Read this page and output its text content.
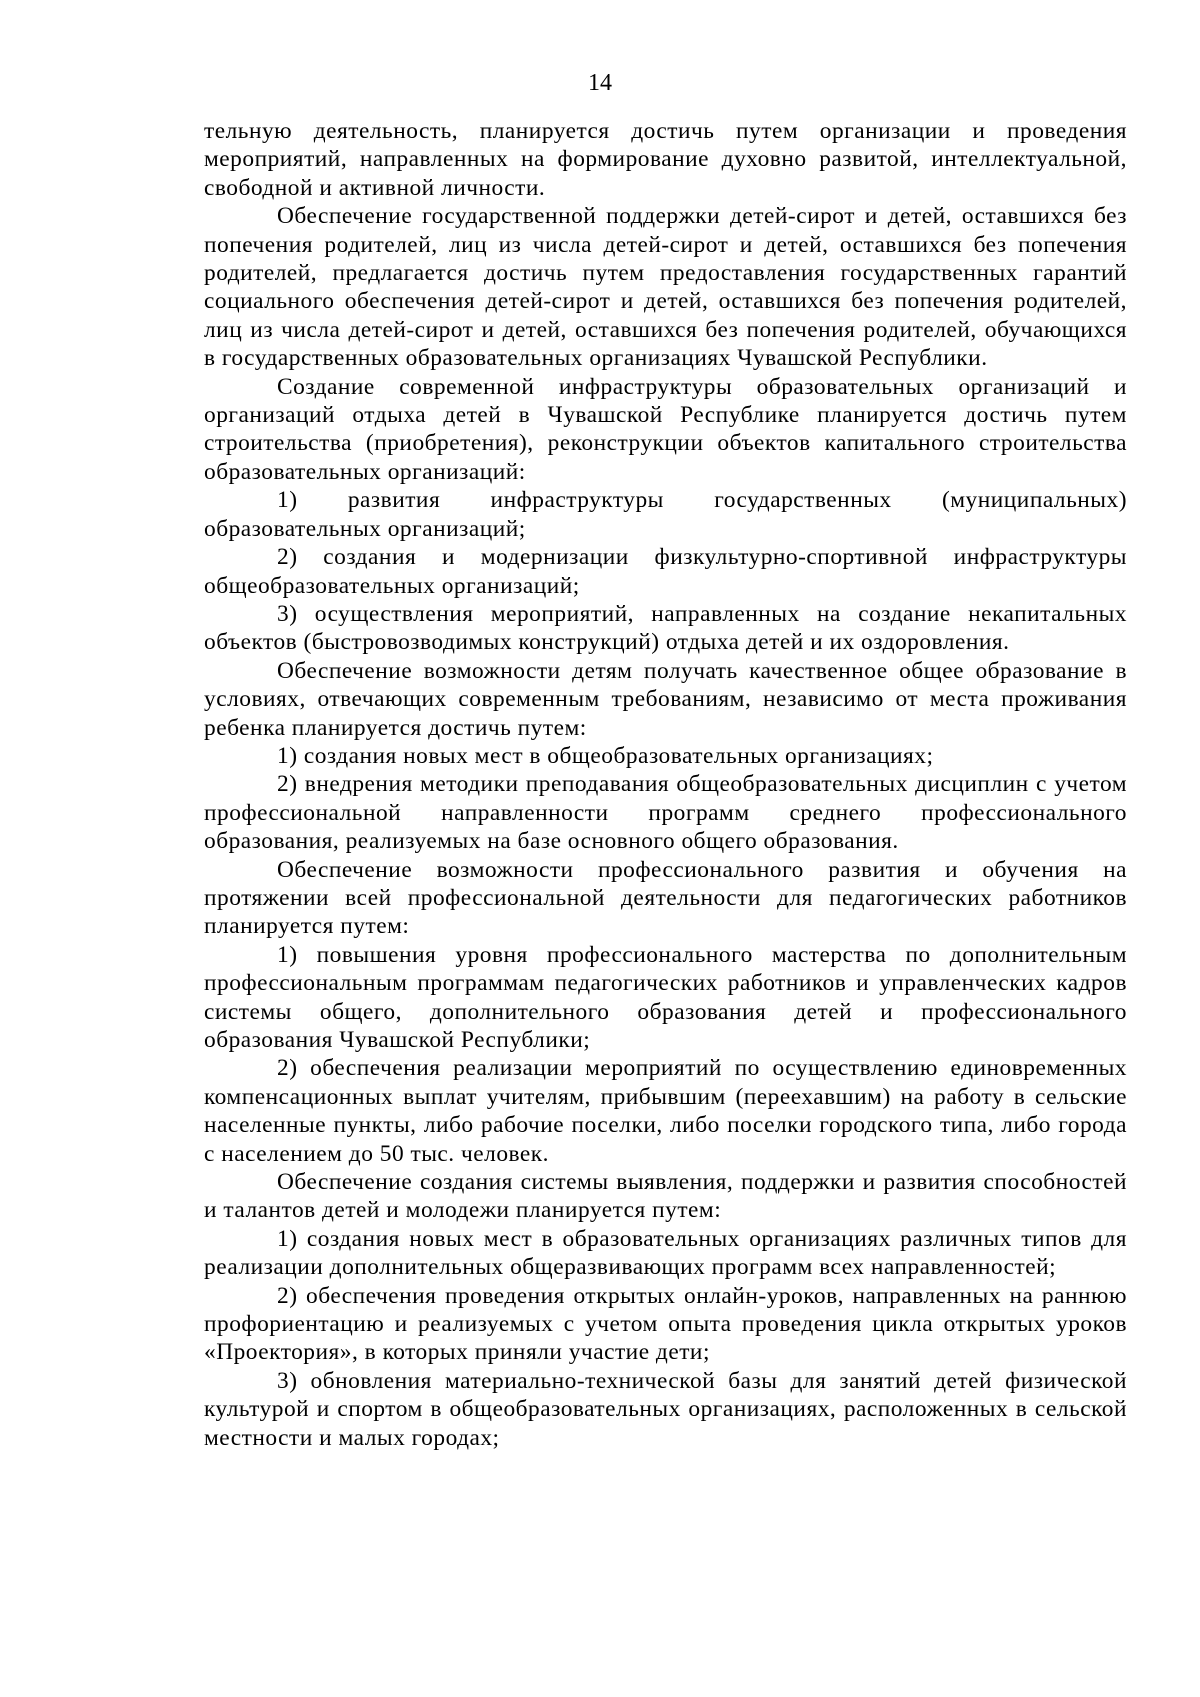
14

тельную деятельность, планируется достичь путем организации и проведения мероприятий, направленных на формирование духовно развитой, интеллектуальной, свободной и активной личности.

Обеспечение государственной поддержки детей-сирот и детей, оставшихся без попечения родителей, лиц из числа детей-сирот и детей, оставшихся без попечения родителей, предлагается достичь путем предоставления государственных гарантий социального обеспечения детей-сирот и детей, оставшихся без попечения родителей, лиц из числа детей-сирот и детей, оставшихся без попечения родителей, обучающихся в государственных образовательных организациях Чувашской Республики.

Создание современной инфраструктуры образовательных организаций и организаций отдыха детей в Чувашской Республике планируется достичь путем строительства (приобретения), реконструкции объектов капитального строительства образовательных организаций:

1) развития инфраструктуры государственных (муниципальных) образовательных организаций;

2) создания и модернизации физкультурно-спортивной инфраструктуры общеобразовательных организаций;

3) осуществления мероприятий, направленных на создание некапитальных объектов (быстровозводимых конструкций) отдыха детей и их оздоровления.

Обеспечение возможности детям получать качественное общее образование в условиях, отвечающих современным требованиям, независимо от места проживания ребенка планируется достичь путем:

1) создания новых мест в общеобразовательных организациях;

2) внедрения методики преподавания общеобразовательных дисциплин с учетом профессиональной направленности программ среднего профессионального образования, реализуемых на базе основного общего образования.

Обеспечение возможности профессионального развития и обучения на протяжении всей профессиональной деятельности для педагогических работников планируется путем:

1) повышения уровня профессионального мастерства по дополнительным профессиональным программам педагогических работников и управленческих кадров системы общего, дополнительного образования детей и профессионального образования Чувашской Республики;

2) обеспечения реализации мероприятий по осуществлению единовременных компенсационных выплат учителям, прибывшим (переехавшим) на работу в сельские населенные пункты, либо рабочие поселки, либо поселки городского типа, либо города с населением до 50 тыс. человек.

Обеспечение создания системы выявления, поддержки и развития способностей и талантов детей и молодежи планируется путем:

1) создания новых мест в образовательных организациях различных типов для реализации дополнительных общеразвивающих программ всех направленностей;

2) обеспечения проведения открытых онлайн-уроков, направленных на раннюю профориентацию и реализуемых с учетом опыта проведения цикла открытых уроков «Проектория», в которых приняли участие дети;

3) обновления материально-технической базы для занятий детей физической культурой и спортом в общеобразовательных организациях, расположенных в сельской местности и малых городах;
